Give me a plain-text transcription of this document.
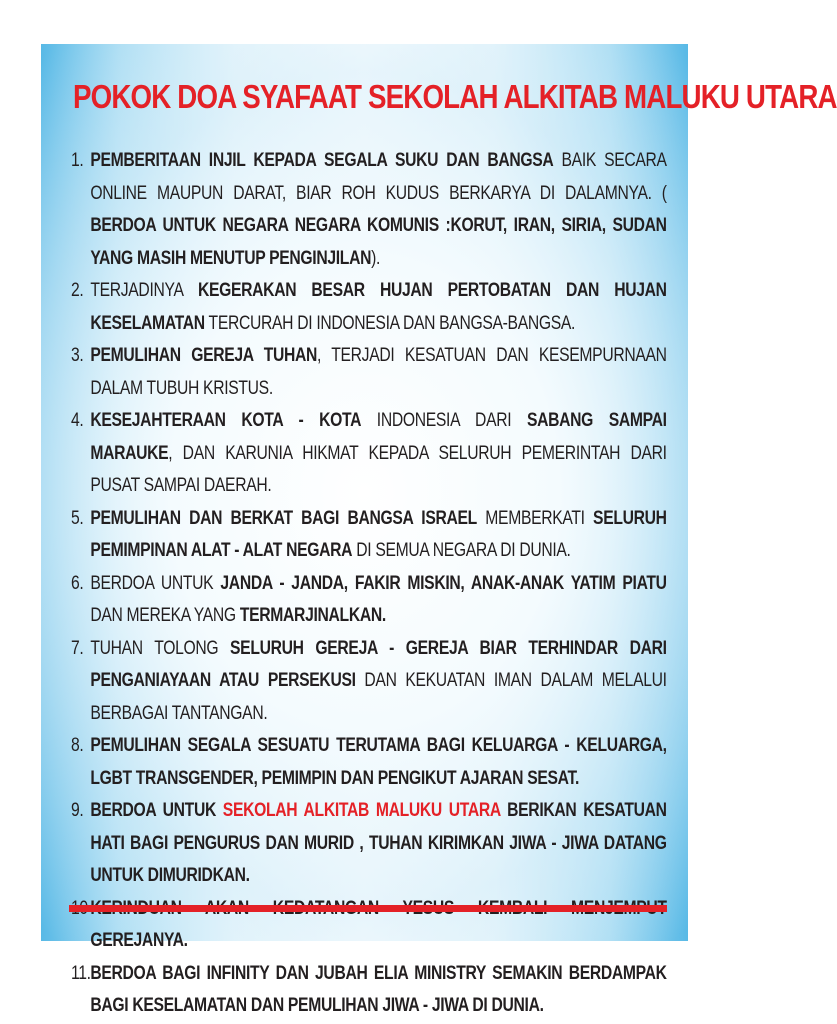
POKOK DOA SYAFAAT SEKOLAH ALKITAB MALUKU UTARA
1. PEMBERITAAN INJIL KEPADA SEGALA SUKU DAN BANGSA BAIK SECARA ONLINE MAUPUN DARAT, BIAR ROH KUDUS BERKARYA DI DALAMNYA. ( BERDOA UNTUK NEGARA NEGARA KOMUNIS :KORUT, IRAN, SIRIA, SUDAN YANG MASIH MENUTUP PENGINJILAN).
2. TERJADINYA KEGERAKAN BESAR HUJAN PERTOBATAN DAN HUJAN KESELAMATAN TERCURAH DI INDONESIA DAN BANGSA-BANGSA.
3. PEMULIHAN GEREJA TUHAN, TERJADI KESATUAN DAN KESEMPURNAAN DALAM TUBUH KRISTUS.
4. KESEJAHTERAAN KOTA - KOTA INDONESIA DARI SABANG SAMPAI MARAUKE, DAN KARUNIA HIKMAT KEPADA SELURUH PEMERINTAH DARI PUSAT SAMPAI DAERAH.
5. PEMULIHAN DAN BERKAT BAGI BANGSA ISRAEL MEMBERKATI SELURUH PEMIMPINAN ALAT - ALAT NEGARA DI SEMUA NEGARA DI DUNIA.
6. BERDOA UNTUK JANDA - JANDA, FAKIR MISKIN, ANAK-ANAK YATIM PIATU DAN MEREKA YANG TERMARJINALKAN.
7. TUHAN TOLONG SELURUH GEREJA - GEREJA BIAR TERHINDAR DARI PENGANIAYAAN ATAU PERSEKUSI DAN KEKUATAN IMAN DALAM MELALUI BERBAGAI TANTANGAN.
8. PEMULIHAN SEGALA SESUATU TERUTAMA BAGI KELUARGA - KELUARGA, LGBT TRANSGENDER, PEMIMPIN DAN PENGIKUT AJARAN SESAT.
9. BERDOA UNTUK SEKOLAH ALKITAB MALUKU UTARA BERIKAN KESATUAN HATI BAGI PENGURUS DAN MURID , TUHAN KIRIMKAN JIWA - JIWA DATANG UNTUK DIMURIDKAN.
GEREJANYA.
11. BERDOA BAGI INFINITY DAN JUBAH ELIA MINISTRY SEMAKIN BERDAMPAK BAGI KESELAMATAN DAN PEMULIHAN JIWA - JIWA DI DUNIA.
